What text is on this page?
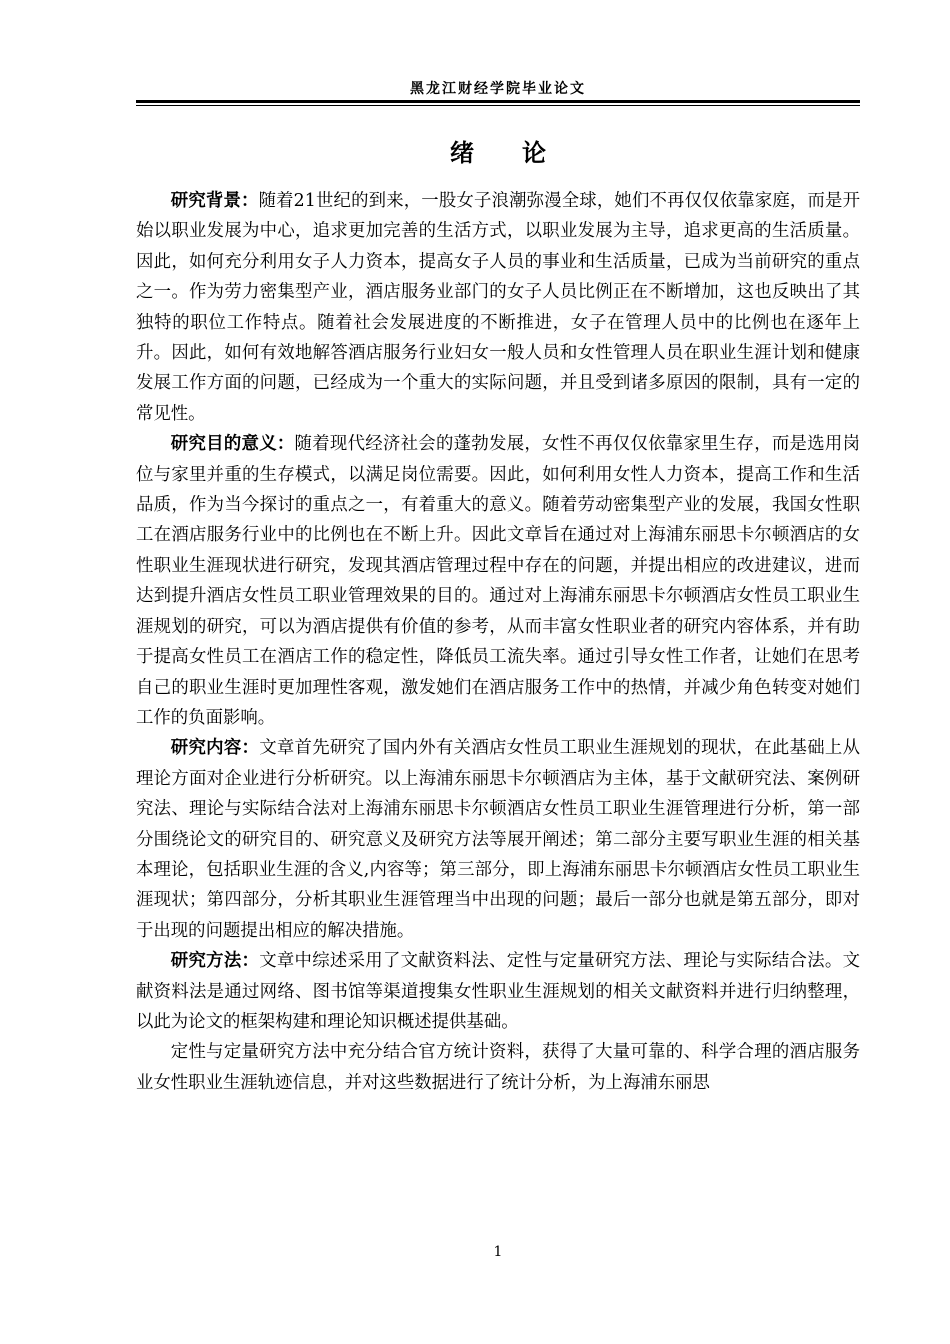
黑龙江财经学院毕业论文
绪论

研究背景：随着21世纪的到来，一股女子浪潮弥漫全球，她们不再仅仅依靠家庭，而是开始以职业发展为中心，追求更加完善的生活方式，以职业发展为主导，追求更高的生活质量。因此，如何充分利用女子人力资本，提高女子人员的事业和生活质量，已成为当前研究的重点之一。作为劳力密集型产业，酒店服务业部门的女子人员比例正在不断增加，这也反映出了其独特的职位工作特点。随着社会发展进度的不断推进，女子在管理人员中的比例也在逐年上升。因此，如何有效地解答酒店服务行业妇女一般人员和女性管理人员在职业生涯计划和健康发展工作方面的问题，已经成为一个重大的实际问题，并且受到诸多原因的限制，具有一定的常见性。

研究目的意义：随着现代经济社会的蓬勃发展，女性不再仅仅依靠家里生存，而是选用岗位与家里并重的生存模式，以满足岗位需要。因此，如何利用女性人力资本，提高工作和生活品质，作为当今探讨的重点之一，有着重大的意义。随着劳动密集型产业的发展，我国女性职工在酒店服务行业中的比例也在不断上升。因此文章旨在通过对上海浦东丽思卡尔顿酒店的女性职业生涯现状进行研究，发现其酒店管理过程中存在的问题，并提出相应的改进建议，进而达到提升酒店女性员工职业管理效果的目的。通过对上海浦东丽思卡尔顿酒店女性员工职业生涯规划的研究，可以为酒店提供有价值的参考，从而丰富女性职业者的研究内容体系，并有助于提高女性员工在酒店工作的稳定性，降低员工流失率。通过引导女性工作者，让她们在思考自己的职业生涯时更加理性客观，激发她们在酒店服务工作中的热情，并减少角色转变对她们工作的负面影响。

研究内容：文章首先研究了国内外有关酒店女性员工职业生涯规划的现状，在此基础上从理论方面对企业进行分析研究。以上海浦东丽思卡尔顿酒店为主体，基于文献研究法、案例研究法、理论与实际结合法对上海浦东丽思卡尔顿酒店女性员工职业生涯管理进行分析，第一部分围绕论文的研究目的、研究意义及研究方法等展开阐述；第二部分主要写职业生涯的相关基本理论，包括职业生涯的含义,内容等；第三部分，即上海浦东丽思卡尔顿酒店女性员工职业生涯现状；第四部分，分析其职业生涯管理当中出现的问题；最后一部分也就是第五部分，即对于出现的问题提出相应的解决措施。

研究方法：文章中综述采用了文献资料法、定性与定量研究方法、理论与实际结合法。文献资料法是通过网络、图书馆等渠道搜集女性职业生涯规划的相关文献资料并进行归纳整理，以此为论文的框架构建和理论知识概述提供基础。

定性与定量研究方法中充分结合官方统计资料，获得了大量可靠的、科学合理的酒店服务业女性职业生涯轨迹信息，并对这些数据进行了统计分析，为上海浦东丽思

1
